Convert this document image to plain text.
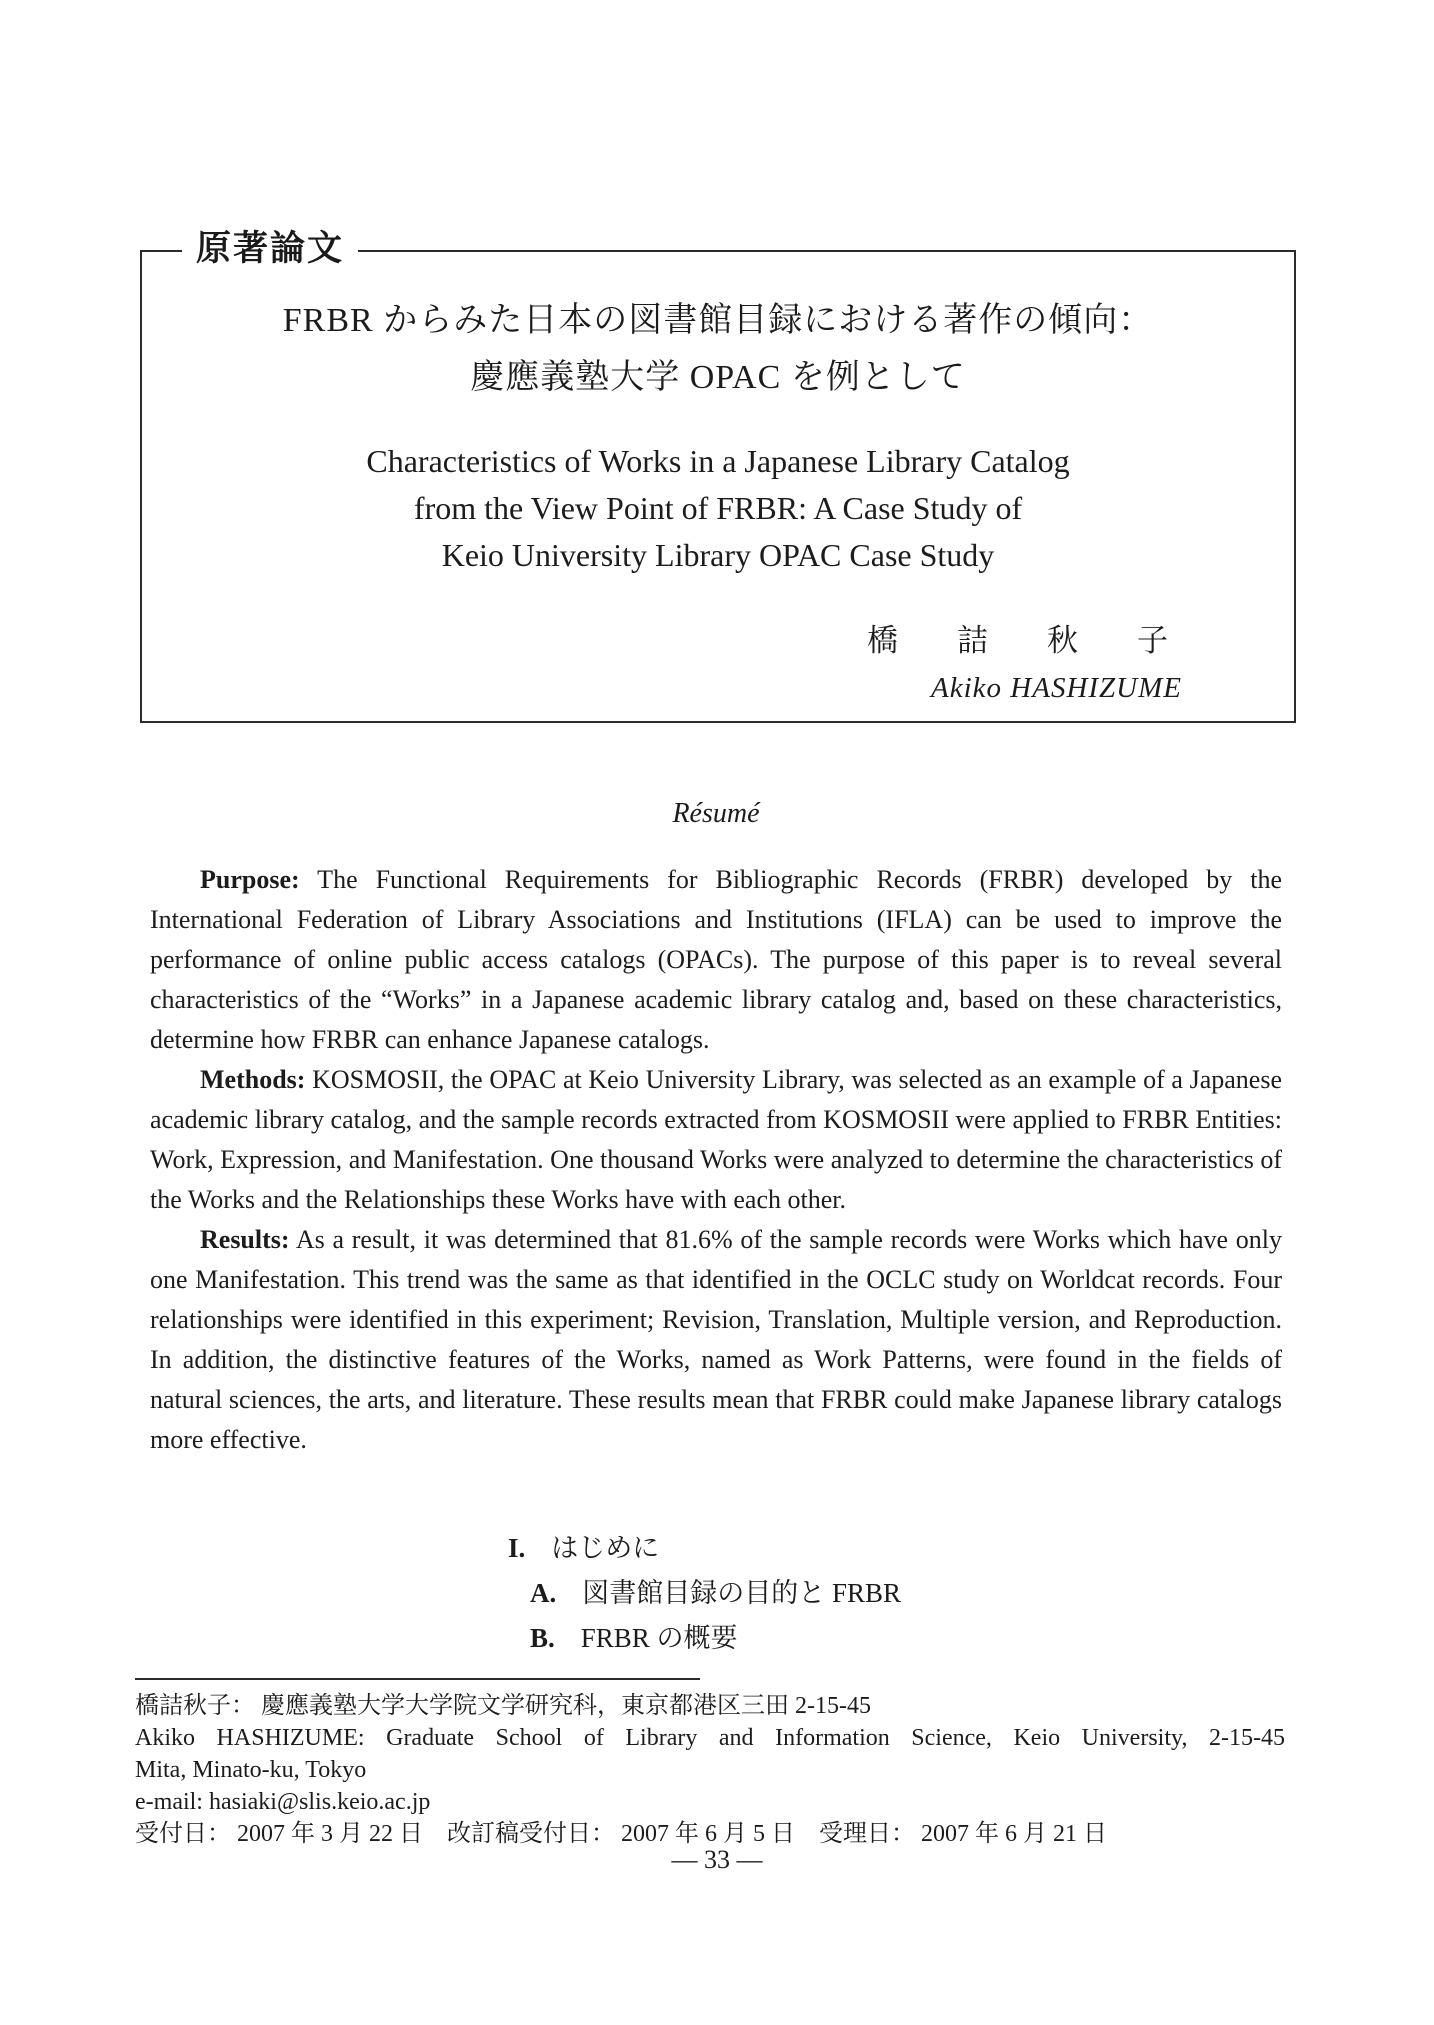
原著論文
FRBR からみた日本の図書館目録における著作の傾向：
慶應義塾大学 OPAC を例として
Characteristics of Works in a Japanese Library Catalog
from the View Point of FRBR: A Case Study of
Keio University Library OPAC Case Study
橋　詰　秋　子
Akiko HASHIZUME
Résumé

Purpose: The Functional Requirements for Bibliographic Records (FRBR) developed by the International Federation of Library Associations and Institutions (IFLA) can be used to improve the performance of online public access catalogs (OPACs). The purpose of this paper is to reveal several characteristics of the “Works” in a Japanese academic library catalog and, based on these characteristics, determine how FRBR can enhance Japanese catalogs.

Methods: KOSMOSII, the OPAC at Keio University Library, was selected as an example of a Japanese academic library catalog, and the sample records extracted from KOSMOSII were applied to FRBR Entities: Work, Expression, and Manifestation. One thousand Works were analyzed to determine the characteristics of the Works and the Relationships these Works have with each other.

Results: As a result, it was determined that 81.6% of the sample records were Works which have only one Manifestation. This trend was the same as that identified in the OCLC study on Worldcat records. Four relationships were identified in this experiment; Revision, Translation, Multiple version, and Reproduction. In addition, the distinctive features of the Works, named as Work Patterns, were found in the fields of natural sciences, the arts, and literature. These results mean that FRBR could make Japanese library catalogs more effective.

I. はじめに
A. 図書館目録の目的と FRBR
B. FRBR の概要
橋詰秋子： 慶應義塾大学大学院文学研究科，東京都港区三田 2-15-45
Akiko HASHIZUME: Graduate School of Library and Information Science, Keio University, 2-15-45
Mita, Minato-ku, Tokyo
e-mail: hasiaki@slis.keio.ac.jp
受付日： 2007 年 3 月 22 日　改訂稿受付日： 2007 年 6 月 5 日　受理日： 2007 年 6 月 21 日
— 33 —
